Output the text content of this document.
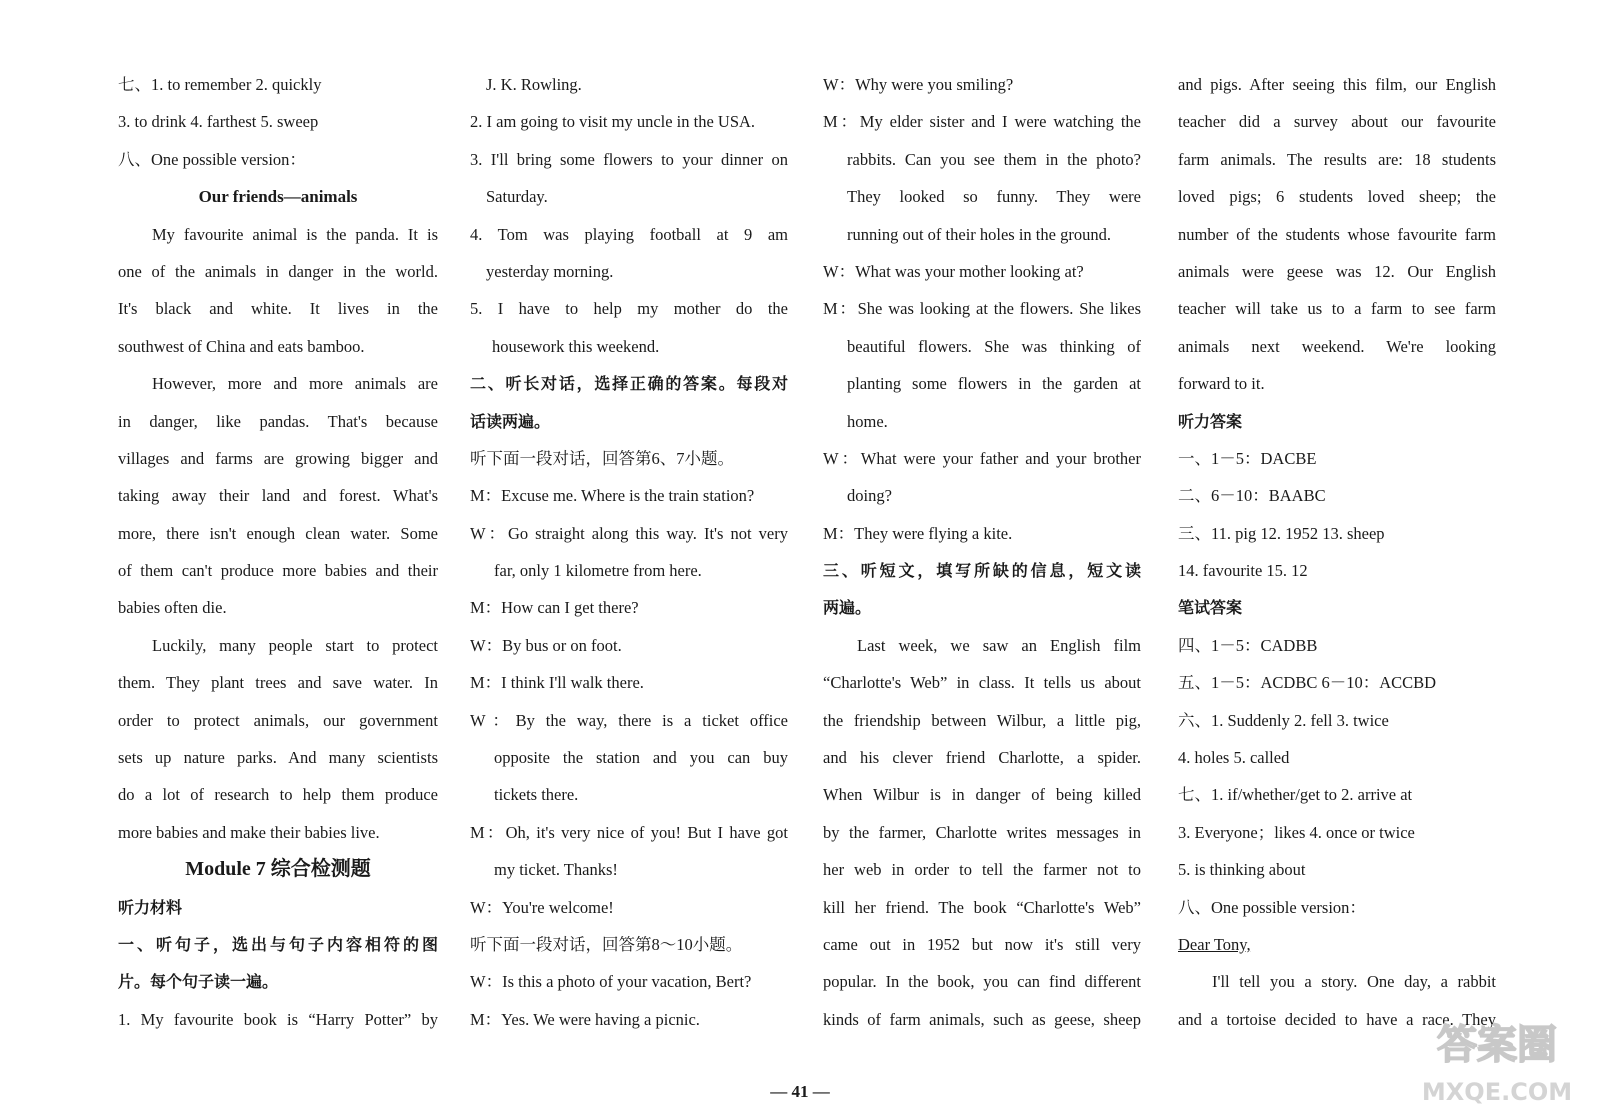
七、1. to remember 2. quickly
3. to drink 4. farthest 5. sweep
八、One possible version：
Our friends—animals
My favourite animal is the panda. It is
one of the animals in danger in the world.
It's black and white. It lives in the
southwest of China and eats bamboo.
However, more and more animals are
in danger, like pandas. That's because
villages and farms are growing bigger and
taking away their land and forest. What's
more, there isn't enough clean water. Some
of them can't produce more babies and their
babies often die.
Luckily, many people start to protect
them. They plant trees and save water. In
order to protect animals, our government
sets up nature parks. And many scientists
do a lot of research to help them produce
more babies and make their babies live.
Module 7 综合检测题
听力材料
一、听句子，选出与句子内容相符的图
片。每个句子读一遍。
1. My favourite book is “Harry Potter” by
J. K. Rowling.
2. I am going to visit my uncle in the USA.
3. I'll bring some flowers to your dinner on
Saturday.
4. Tom was playing football at 9 am
yesterday morning.
5. I have to help my mother do the
housework this weekend.
二、听长对话，选择正确的答案。每段对
话读两遍。
听下面一段对话，回答第6、7小题。
M：Excuse me. Where is the train station?
W：Go straight along this way. It's not very
far, only 1 kilometre from here.
M：How can I get there?
W：By bus or on foot.
M：I think I'll walk there.
W：By the way, there is a ticket office
opposite the station and you can buy
tickets there.
M：Oh, it's very nice of you! But I have got
my ticket. Thanks!
W：You're welcome!
听下面一段对话，回答第8～10小题。
W：Is this a photo of your vacation, Bert?
M：Yes. We were having a picnic.
W：Why were you smiling?
M：My elder sister and I were watching the
rabbits. Can you see them in the photo?
They looked so funny. They were
running out of their holes in the ground.
W：What was your mother looking at?
M：She was looking at the flowers. She likes
beautiful flowers. She was thinking of
planting some flowers in the garden at
home.
W：What were your father and your brother
doing?
M：They were flying a kite.
三、听短文，填写所缺的信息，短文读
两遍。
Last week, we saw an English film
“Charlotte's Web” in class. It tells us about
the friendship between Wilbur, a little pig,
and his clever friend Charlotte, a spider.
When Wilbur is in danger of being killed
by the farmer, Charlotte writes messages in
her web in order to tell the farmer not to
kill her friend. The book “Charlotte's Web”
came out in 1952 but now it's still very
popular. In the book, you can find different
kinds of farm animals, such as geese, sheep
and pigs. After seeing this film, our English
teacher did a survey about our favourite
farm animals. The results are: 18 students
loved pigs; 6 students loved sheep; the
number of the students whose favourite farm
animals were geese was 12. Our English
teacher will take us to a farm to see farm
animals next weekend. We're looking
forward to it.
听力答案
一、1－5：DACBE
二、6－10：BAABC
三、11. pig 12. 1952 13. sheep
14. favourite 15. 12
笔试答案
四、1－5：CADBB
五、1－5：ACDBC 6－10：ACCBD
六、1. Suddenly 2. fell 3. twice
4. holes 5. called
七、1. if/whether/get to 2. arrive at
3. Everyone；likes 4. once or twice
5. is thinking about
八、One possible version：
Dear Tony,
I'll tell you a story. One day, a rabbit
and a tortoise decided to have a race. They
— 41 —
答案圈
MXQE.COM
